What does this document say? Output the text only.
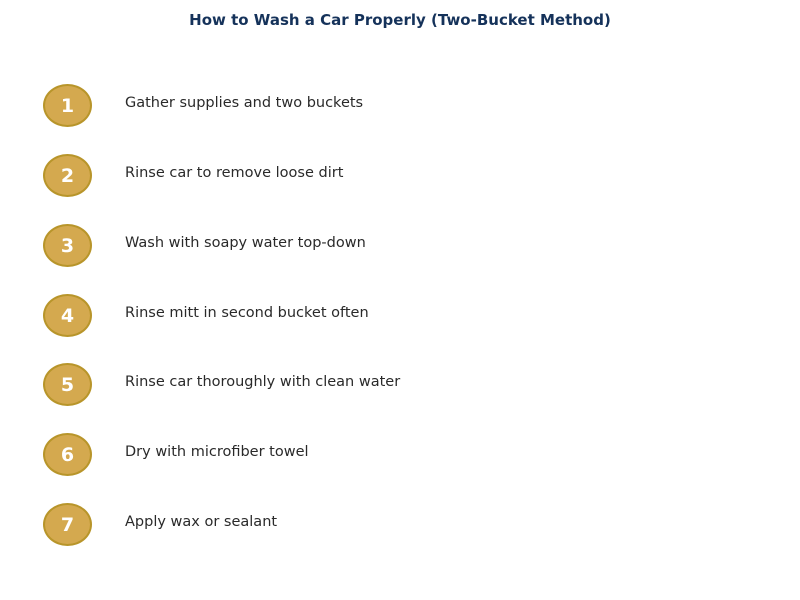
How to Wash a Car Properly (Two-Bucket Method)
1	Gather supplies and two buckets
2	Rinse car to remove loose dirt
3	Wash with soapy water top-down
4	Rinse mitt in second bucket often
5	Rinse car thoroughly with clean water
6	Dry with microfiber towel
7	Apply wax or sealant
